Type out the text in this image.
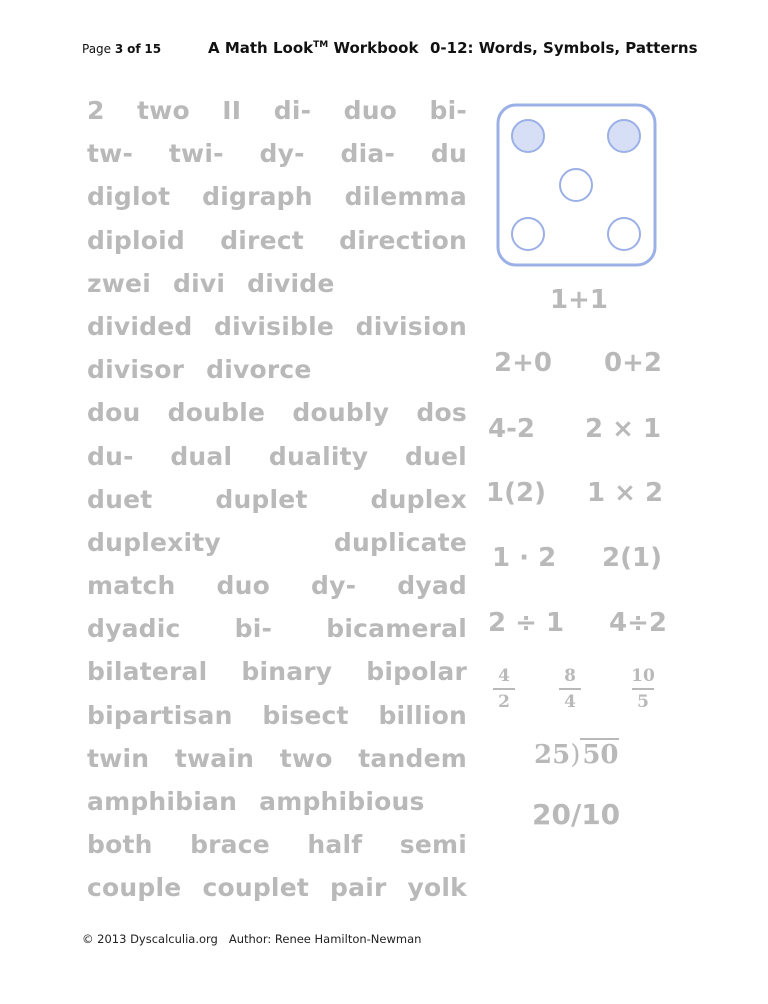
Page 3 of 15	A Math Look™ Workbook 0-12: Words, Symbols, Patterns
2 two II di- duo bi-
tw- twi- dy- dia- du
diglot digraph dilemma
diploid direct direction
zwei divi divide
divided divisible division
divisor divorce
dou double doubly dos
du- dual duality duel
duet	duplet	duplex
duplexity	duplicate
match duo dy- dyad
dyadic bi- bicameral
bilateral binary bipolar
bipartisan bisect billion
twin twain two tandem
amphibian amphibious
both brace half semi
couple couplet pair yolk
1+1
2+0 0+2
4-2 2 × 1
1(2) 1 × 2
1 · 2 2(1)
2 ÷ 1 4÷2
4
2
8
4
10
5
25)50
20/10
© 2013 Dyscalculia.org Author: Renee Hamilton-Newman
